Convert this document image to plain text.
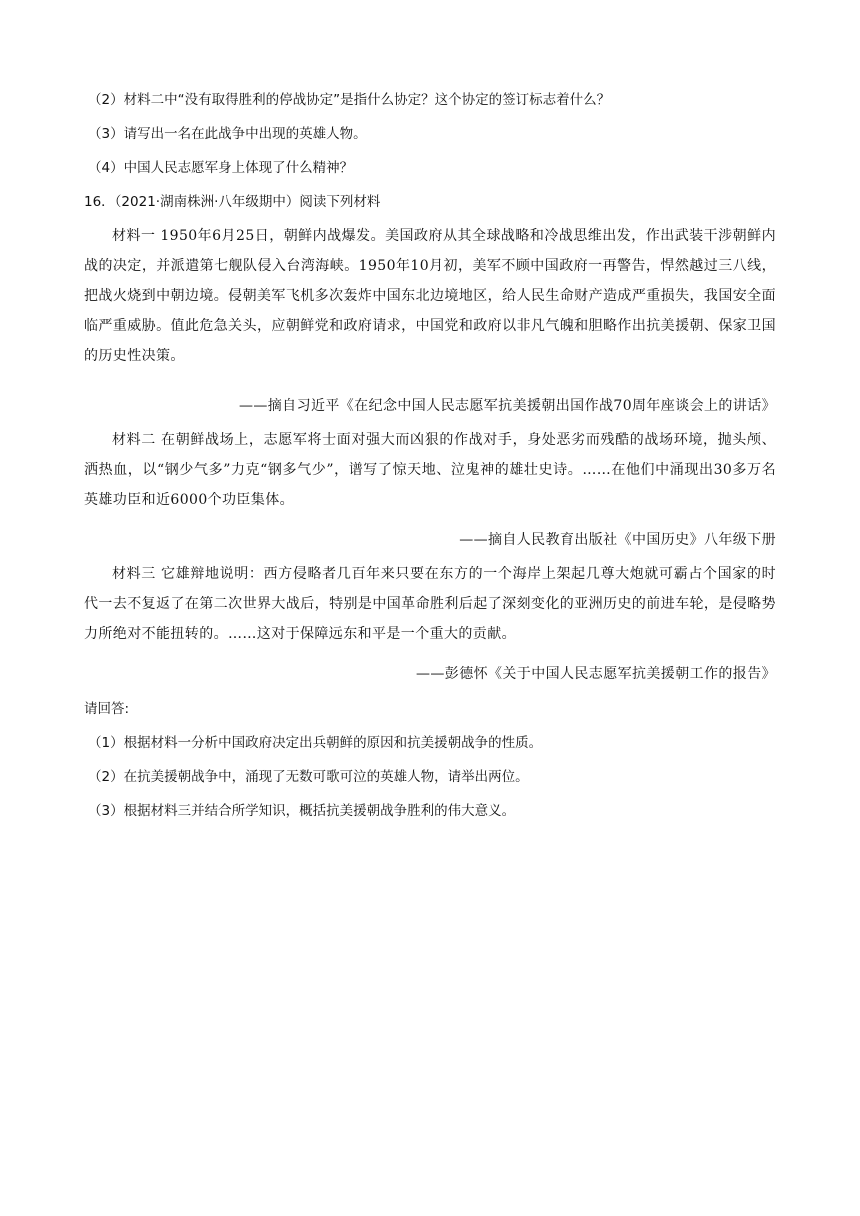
（2）材料二中“没有取得胜利的停战协定”是指什么协定？这个协定的签订标志着什么？
（3）请写出一名在此战争中出现的英雄人物。
（4）中国人民志愿军身上体现了什么精神？
16．（2021·湖南株洲·八年级期中）阅读下列材料
材料一 1950年6月25日，朝鲜内战爆发。美国政府从其全球战略和冷战思维出发，作出武装干涉朝鲜内战的决定，并派遣第七舰队侵入台湾海峡。1950年10月初，美军不顾中国政府一再警告，悍然越过三八线，把战火烧到中朝边境。侵朝美军飞机多次轰炸中国东北边境地区，给人民生命财产造成严重损失，我国安全面临严重威胁。值此危急关头，应朝鲜党和政府请求，中国党和政府以非凡气魄和胆略作出抗美援朝、保家卫国的历史性决策。
——摘自习近平《在纪念中国人民志愿军抗美援朝出国作战70周年座谈会上的讲话》
材料二 在朝鲜战场上，志愿军将士面对强大而凶狠的作战对手，身处恶劣而残酷的战场环境，抛头颅、洒热血，以“钢少气多”力克“钢多气少”，谱写了惊天地、泣鬼神的雄壮史诗。……在他们中涌现出30多万名英雄功臣和近6000个功臣集体。
——摘自人民教育出版社《中国历史》八年级下册
材料三 它雄辩地说明：西方侵略者几百年来只要在东方的一个海岸上架起几尊大炮就可霸占个国家的时代一去不复返了在第二次世界大战后，特别是中国革命胜利后起了深刻变化的亚洲历史的前进车轮，是侵略势力所绝对不能扭转的。……这对于保障远东和平是一个重大的贡献。
——彭德怀《关于中国人民志愿军抗美援朝工作的报告》
请回答:
（1）根据材料一分析中国政府决定出兵朝鲜的原因和抗美援朝战争的性质。
（2）在抗美援朝战争中，涌现了无数可歌可泣的英雄人物，请举出两位。
（3）根据材料三并结合所学知识，概括抗美援朝战争胜利的伟大意义。
